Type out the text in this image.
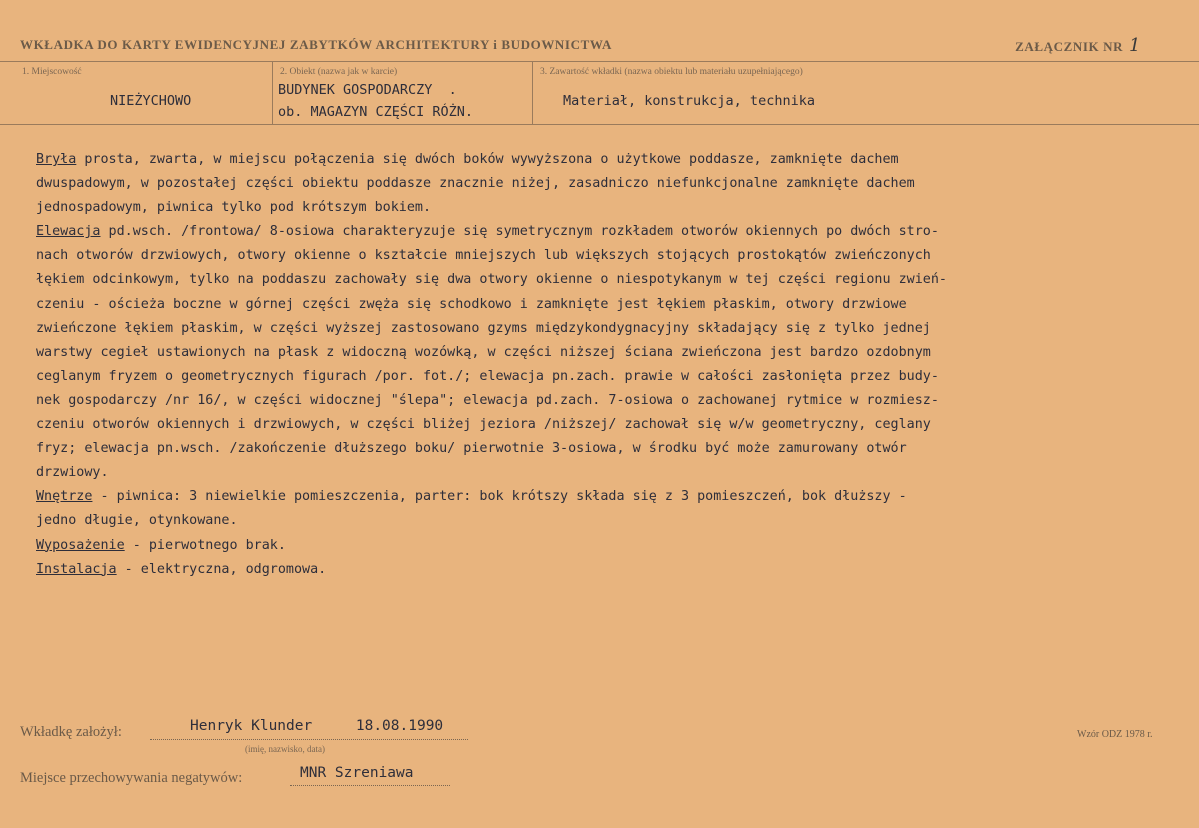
WKŁADKA DO KARTY EWIDENCYJNEJ ZABYTKÓW ARCHITEKTURY i BUDOWNICTWA	ZAŁĄCZNIK NR 1
1. Miejscowość
NIEŻYCHOWO
2. Obiekt (nazwa jak w karcie)
BUDYNEK GOSPODARCZY  .
ob. MAGAZYN CZĘŚCI RÓŻN.
3. Zawartość wkładki (nazwa obiektu lub materiału uzupełniającego)
Materiał, konstrukcja, technika
Bryła prosta, zwarta, w miejscu połączenia się dwóch boków wywyższona o użytkowe poddasze, zamknięte dachem
dwuspadowym, w pozostałej części obiektu poddasze znacznie niżej, zasadniczo niefunkcjonalne zamknięte dachem
jednospadowym, piwnica tylko pod krótszym bokiem.
Elewacja pd.wsch. /frontowa/ 8-osiowa charakteryzuje się symetrycznym rozkładem otworów okiennych po dwóch stro-
nach otworów drzwiowych, otwory okienne o kształcie mniejszych lub większych stojących prostokątów zwieńczonych
łękiem odcinkowym, tylko na poddaszu zachowały się dwa otwory okienne o niespotykanym w tej części regionu zwień-
czeniu - ościeża boczne w górnej części zwęża się schodkowo i zamknięte jest łękiem płaskim, otwory drzwiowe
zwieńczone łękiem płaskim, w części wyższej zastosowano gzyms międzykondygnacyjny składający się z tylko jednej
warstwy cegieł ustawionych na płask z widoczną wozówką, w części niższej ściana zwieńczona jest bardzo ozdobnym
ceglanym fryzem o geometrycznych figurach /por. fot./; elewacja pn.zach. prawie w całości zasłonięta przez budy-
nek gospodarczy /nr 16/, w części widocznej "ślepa"; elewacja pd.zach. 7-osiowa o zachowanej rytmice w rozmiesz-
czeniu otworów okiennych i drzwiowych, w części bliżej jeziora /niższej/ zachował się w/w geometryczny, ceglany
fryz; elewacja pn.wsch. /zakończenie dłuższego boku/ pierwotnie 3-osiowa, w środku być może zamurowany otwór
drzwiowy.
Wnętrze - piwnica: 3 niewielkie pomieszczenia, parter: bok krótszy składa się z 3 pomieszczeń, bok dłuższy -
jedno długie, otynkowane.
Wyposażenie - pierwotnego brak.
Instalacja - elektryczna, odgromowa.
Wkładkę założył:	Henryk Klunder     18.08.1990
(imię, nazwisko, data)
Wzór ODZ 1978 r.
Miejsce przechowywania negatywów:	MNR Szreniawa
